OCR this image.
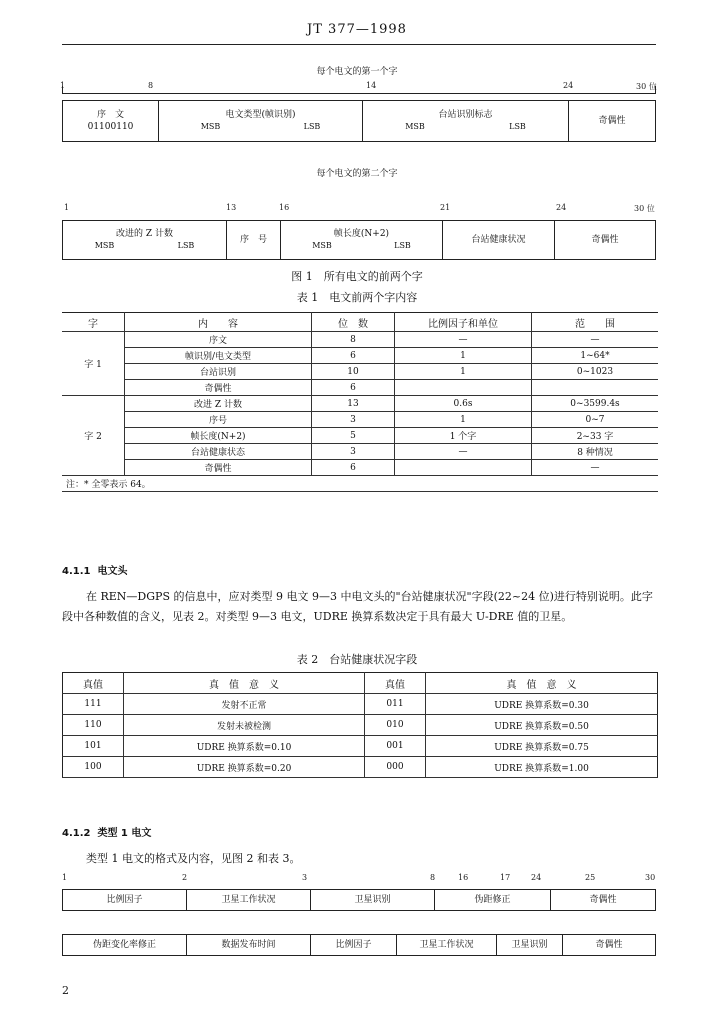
JT 377—1998
每个电文的第一个字
1	8	14	24	30 位
序　文
01100110
电文类型(帧识别)
MSB	LSB
台站识别标志
MSB	LSB
奇偶性
每个电文的第二个字
1	13	16	21	24	30 位
改进的 Z 计数
MSB	LSB
序　号
帧长度(N+2)
MSB	LSB
台站健康状况	奇偶性
图 1　所有电文的前两个字
表 1　电文前两个字内容
字	内　　容	位　数	比例因子和单位	范　　围
字 1	序文	8	—	—
	帧识别/电文类型	6	1	1~64*
	台站识别	10	1	0~1023
	奇偶性	6		
字 2	改进 Z 计数	13	0.6s	0~3599.4s
	序号	3	1	0~7
	帧长度(N+2)	5	1 个字	2~33 字
	台站健康状态	3	—	8 种情况
	奇偶性	6		—
注：* 全零表示 64。				
4.1.1 电文头
在 REN—DGPS 的信息中，应对类型 9 电文 9—3 中电文头的"台站健康状况"字段(22~24 位)进行特别说明。此字段中各种数值的含义，见表 2。对类型 9—3 电文，UDRE 换算系数决定于具有最大 U-DRE 值的卫星。
表 2　台站健康状况字段
真值	真　值　意　义	真值	真　值　意　义
111	发射不正常	011	UDRE 换算系数=0.30
110	发射未被检测	010	UDRE 换算系数=0.50
101	UDRE 换算系数=0.10	001	UDRE 换算系数=0.75
100	UDRE 换算系数=0.20	000	UDRE 换算系数=1.00
4.1.2 类型 1 电文
类型 1 电文的格式及内容，见图 2 和表 3。
1	2	3	8	16	17	24	25	30
比例因子	卫星工作状况	卫星识别	伪距修正	奇偶性
伪距变化率修正	数据发布时间	比例因子	卫星工作状况	卫星识别	奇偶性
2
